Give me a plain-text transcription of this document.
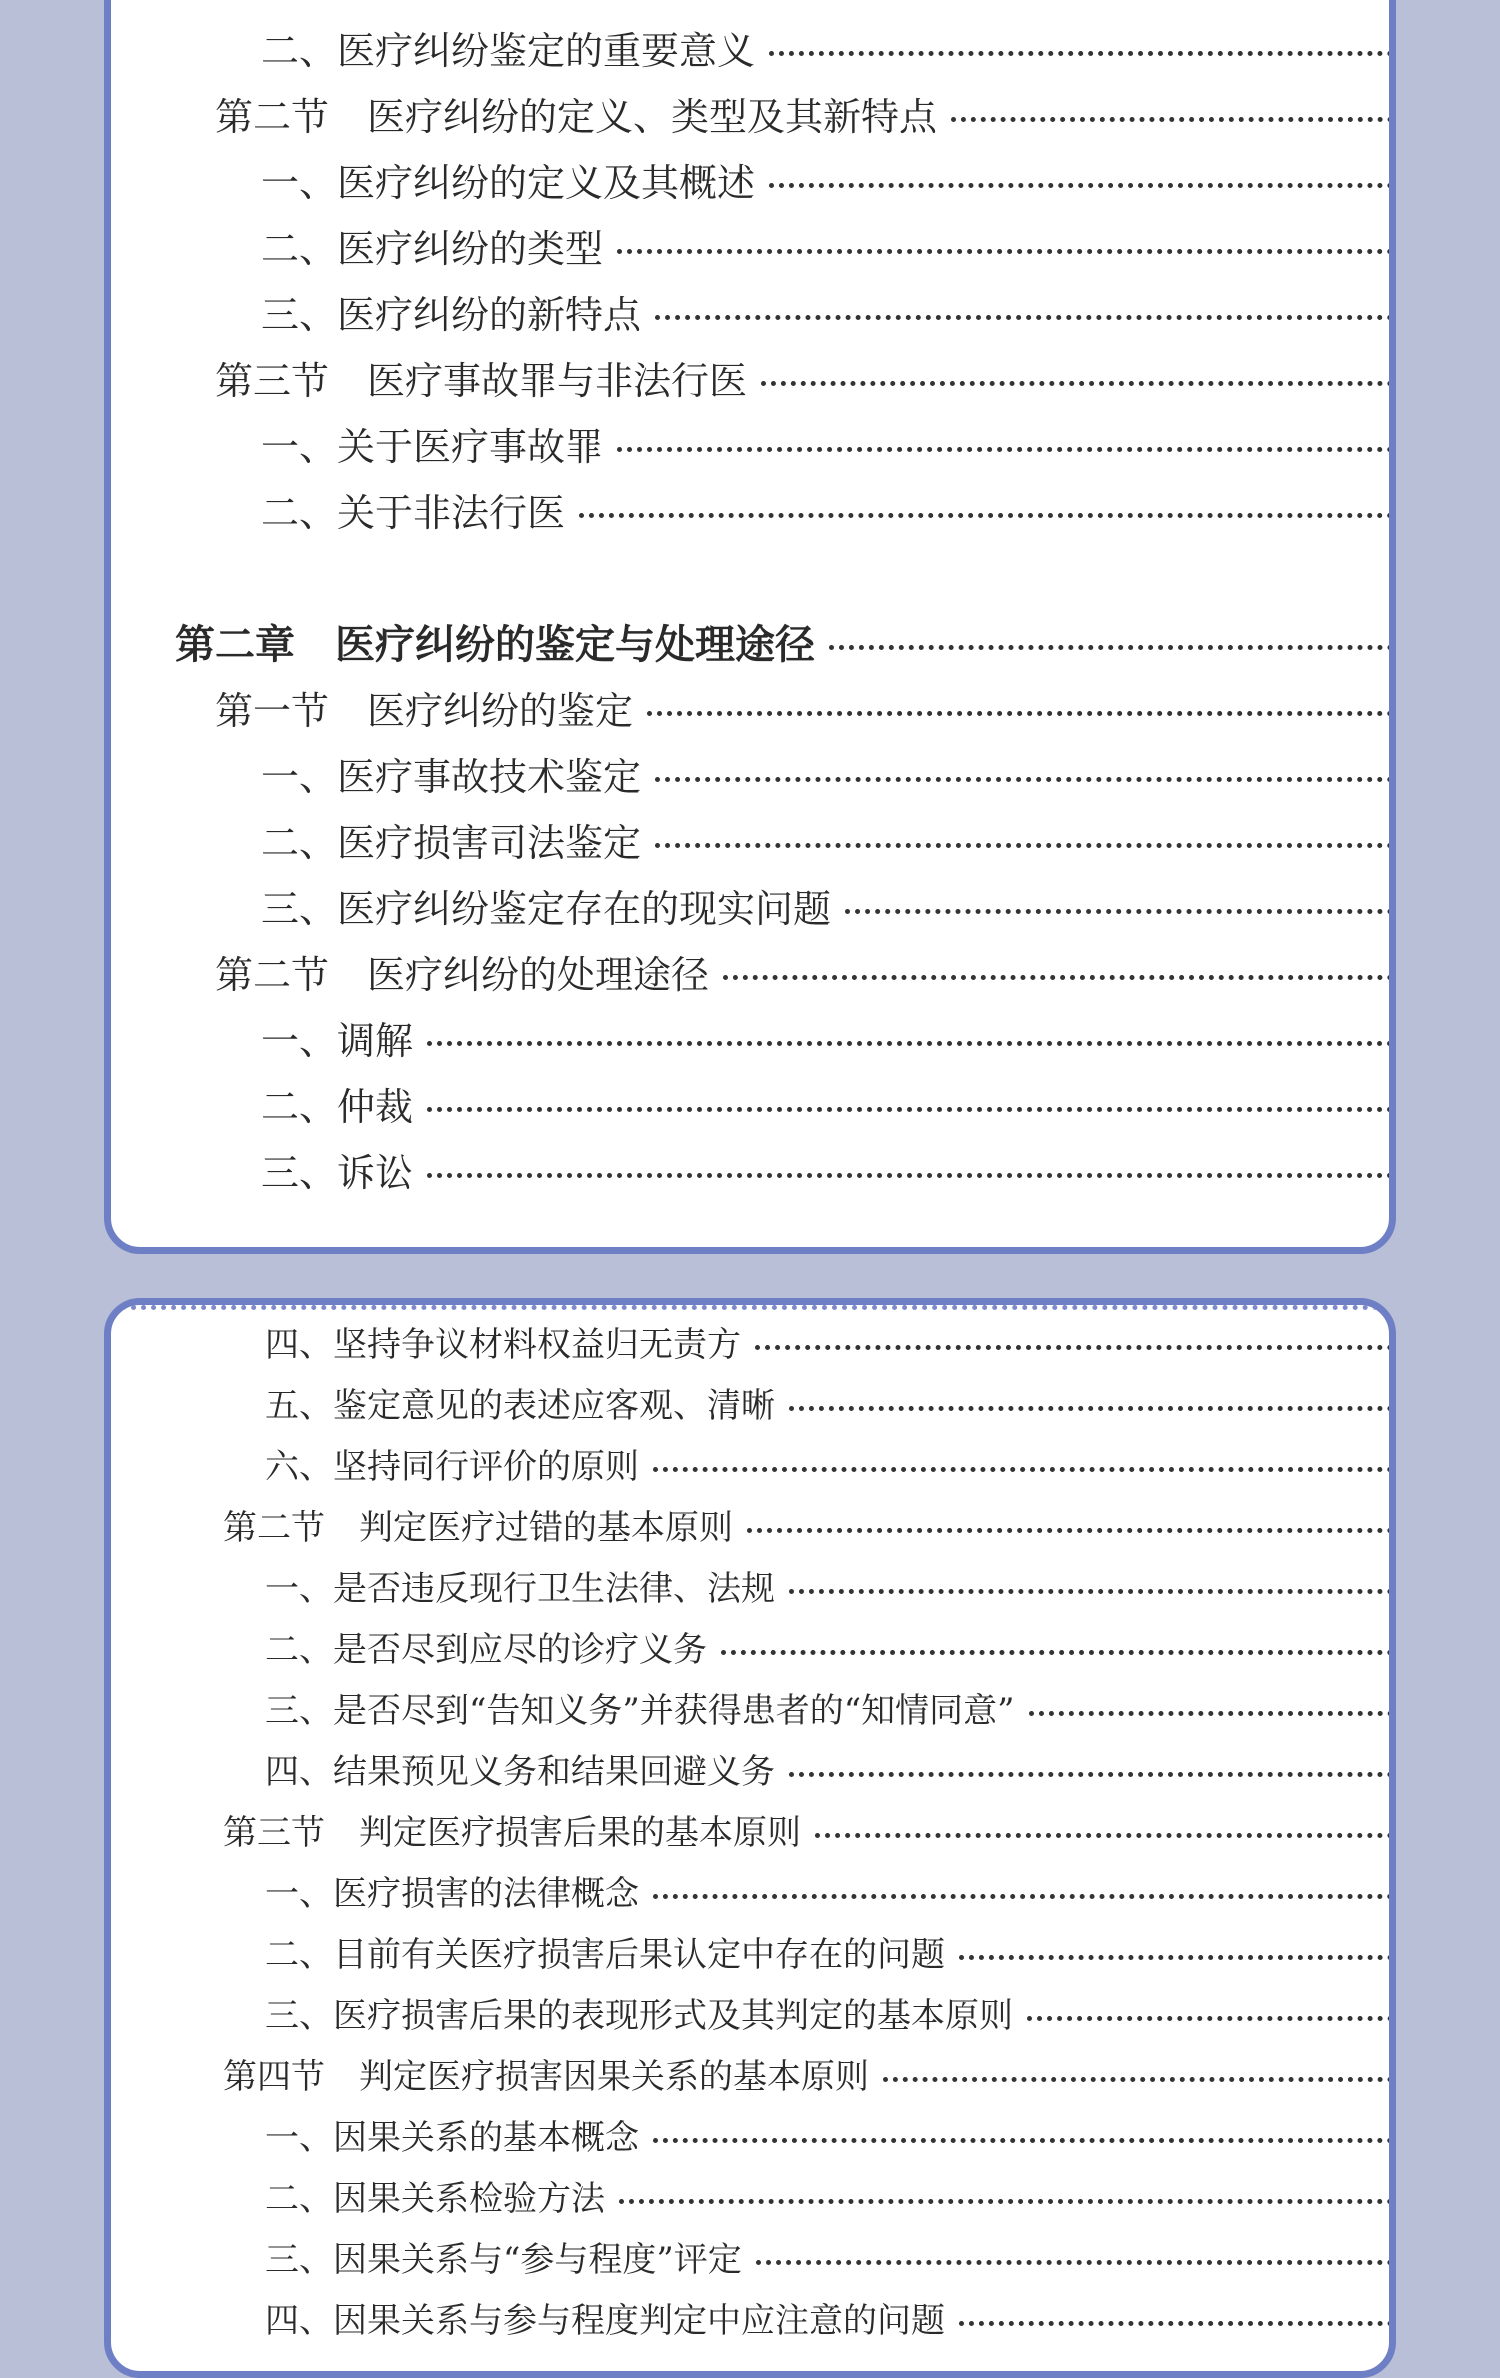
二、医疗纠纷鉴定的重要意义
第二节　医疗纠纷的定义、类型及其新特点
一、医疗纠纷的定义及其概述
二、医疗纠纷的类型
三、医疗纠纷的新特点
第三节　医疗事故罪与非法行医
一、关于医疗事故罪
二、关于非法行医
第二章　医疗纠纷的鉴定与处理途径
第一节　医疗纠纷的鉴定
一、医疗事故技术鉴定
二、医疗损害司法鉴定
三、医疗纠纷鉴定存在的现实问题
第二节　医疗纠纷的处理途径
一、调解
二、仲裁
三、诉讼
四、坚持争议材料权益归无责方
五、鉴定意见的表述应客观、清晰
六、坚持同行评价的原则
第二节　判定医疗过错的基本原则
一、是否违反现行卫生法律、法规
二、是否尽到应尽的诊疗义务
三、是否尽到“告知义务”并获得患者的“知情同意”
四、结果预见义务和结果回避义务
第三节　判定医疗损害后果的基本原则
一、医疗损害的法律概念
二、目前有关医疗损害后果认定中存在的问题
三、医疗损害后果的表现形式及其判定的基本原则
第四节　判定医疗损害因果关系的基本原则
一、因果关系的基本概念
二、因果关系检验方法
三、因果关系与“参与程度”评定
四、因果关系与参与程度判定中应注意的问题
